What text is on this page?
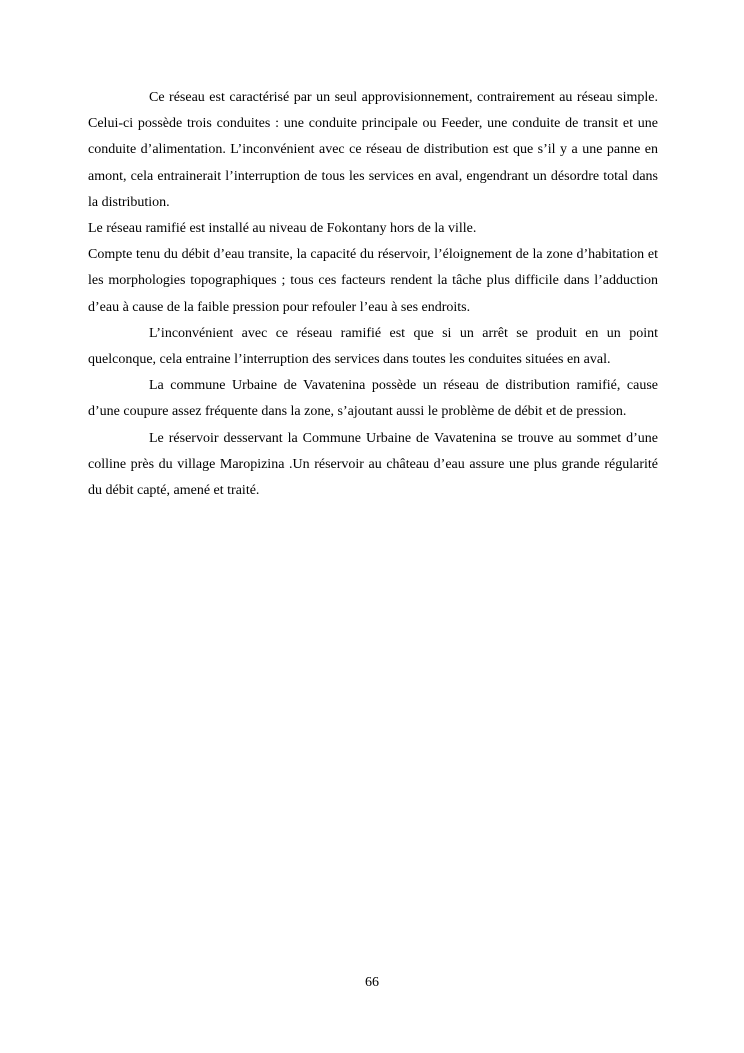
Ce réseau est caractérisé par un seul approvisionnement, contrairement au réseau simple. Celui-ci possède trois conduites : une conduite principale ou Feeder, une conduite de transit et une conduite d’alimentation. L’inconvénient avec ce réseau de distribution est que s’il y a une panne en amont, cela entrainerait l’interruption de tous les services en aval, engendrant un désordre total dans la distribution.

Le réseau ramifié est installé au niveau de Fokontany hors de la ville.

Compte tenu du débit d’eau transite, la capacité du réservoir, l’éloignement de la zone d’habitation et les morphologies topographiques ; tous ces facteurs rendent la tâche plus difficile dans l’adduction d’eau à cause de la faible pression pour refouler l’eau à ses endroits.

L’inconvénient avec ce réseau ramifié est que si un arrêt se produit en un point quelconque, cela entraine l’interruption des services dans toutes les conduites situées en aval.

La commune Urbaine de Vavatenina possède un réseau de distribution ramifié, cause d’une coupure assez fréquente dans la zone, s’ajoutant aussi le problème de débit et de pression.

Le réservoir desservant la Commune Urbaine de Vavatenina se trouve au sommet d’une colline près du village Maropizina .Un réservoir au château d’eau assure une plus grande régularité du débit capté, amené et traité.

66
